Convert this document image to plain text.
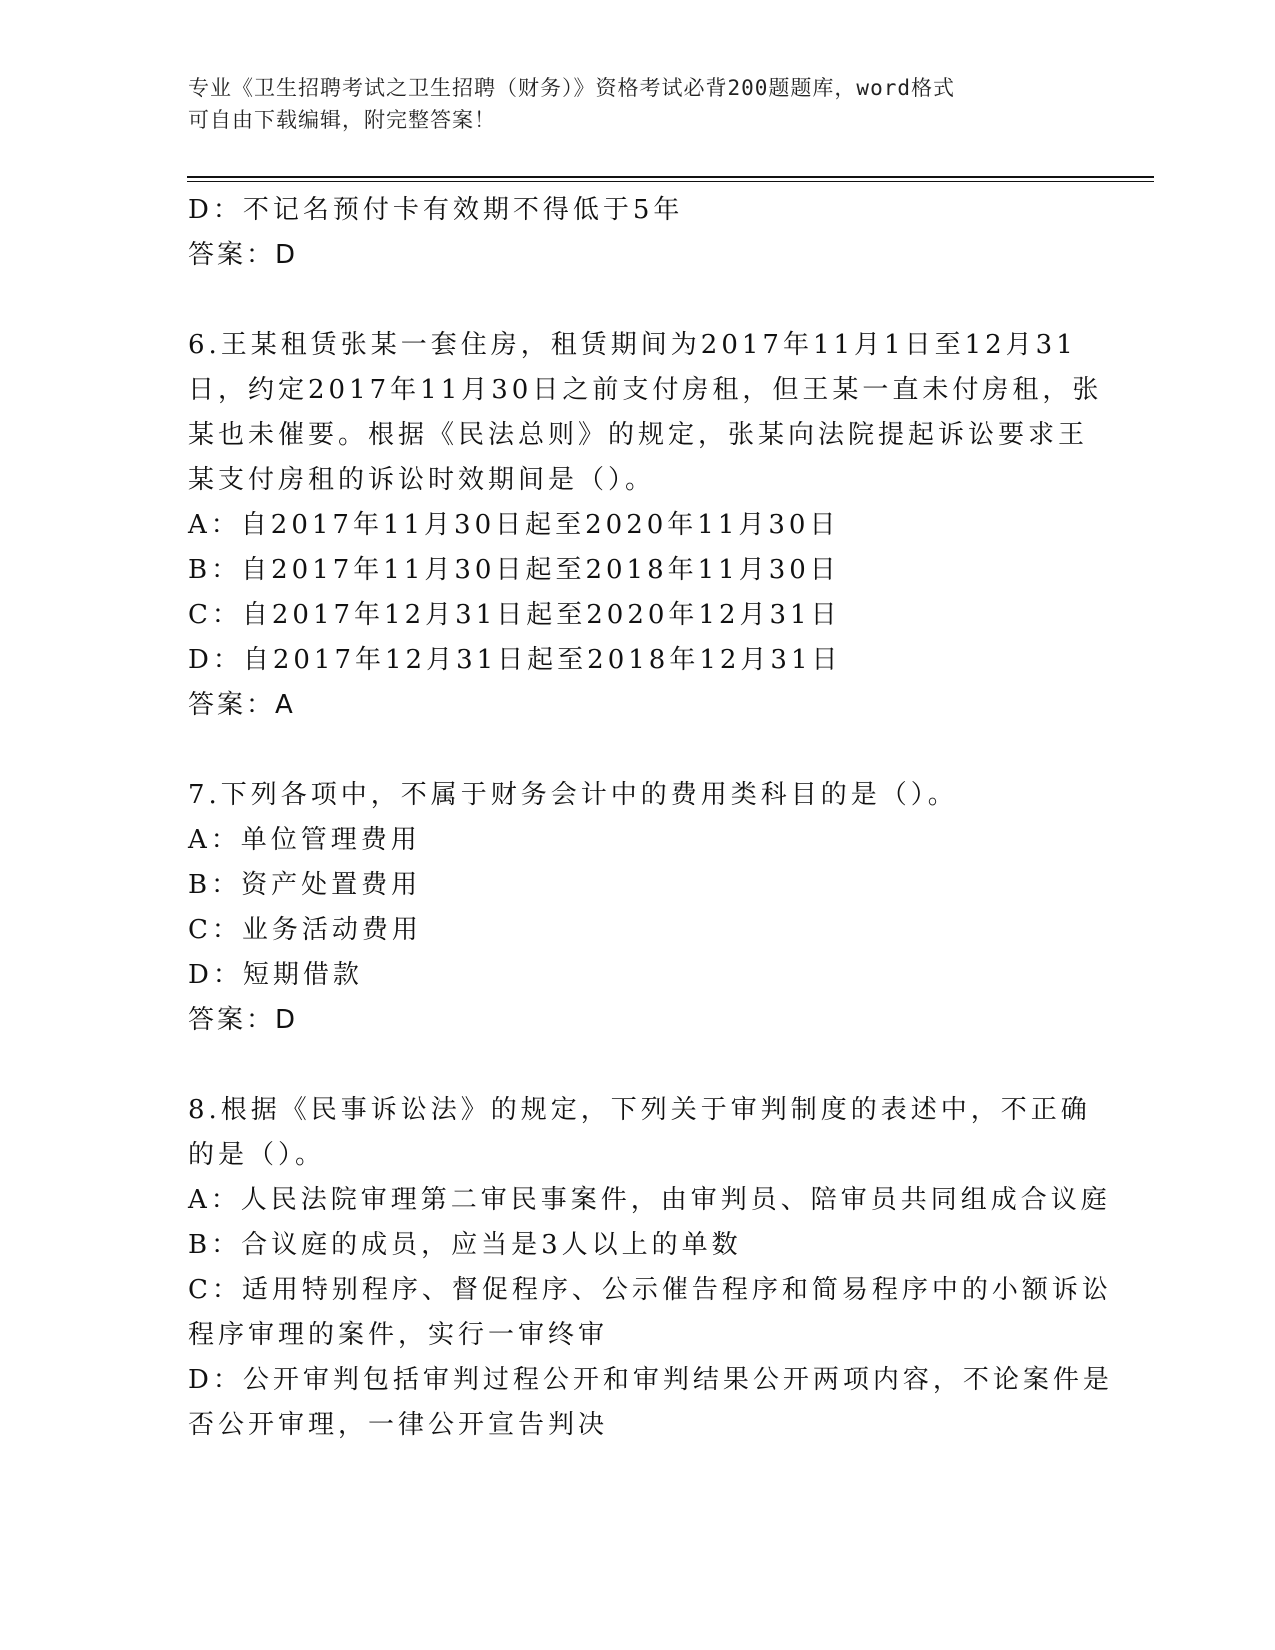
专业《卫生招聘考试之卫生招聘（财务）》资格考试必背200题题库，word格式
可自由下载编辑，附完整答案！
D：不记名预付卡有效期不得低于5年
答案：D
6.王某租赁张某一套住房，租赁期间为2017年11月1日至12月31
日，约定2017年11月30日之前支付房租，但王某一直未付房租，张
某也未催要。根据《民法总则》的规定，张某向法院提起诉讼要求王
某支付房租的诉讼时效期间是（）。
A：自2017年11月30日起至2020年11月30日
B：自2017年11月30日起至2018年11月30日
C：自2017年12月31日起至2020年12月31日
D：自2017年12月31日起至2018年12月31日
答案：A
7.下列各项中，不属于财务会计中的费用类科目的是（）。
A：单位管理费用
B：资产处置费用
C：业务活动费用
D：短期借款
答案：D
8.根据《民事诉讼法》的规定，下列关于审判制度的表述中，不正确
的是（）。
A：人民法院审理第二审民事案件，由审判员、陪审员共同组成合议庭
B：合议庭的成员，应当是3人以上的单数
C：适用特别程序、督促程序、公示催告程序和简易程序中的小额诉讼
程序审理的案件，实行一审终审
D：公开审判包括审判过程公开和审判结果公开两项内容，不论案件是
否公开审理，一律公开宣告判决
